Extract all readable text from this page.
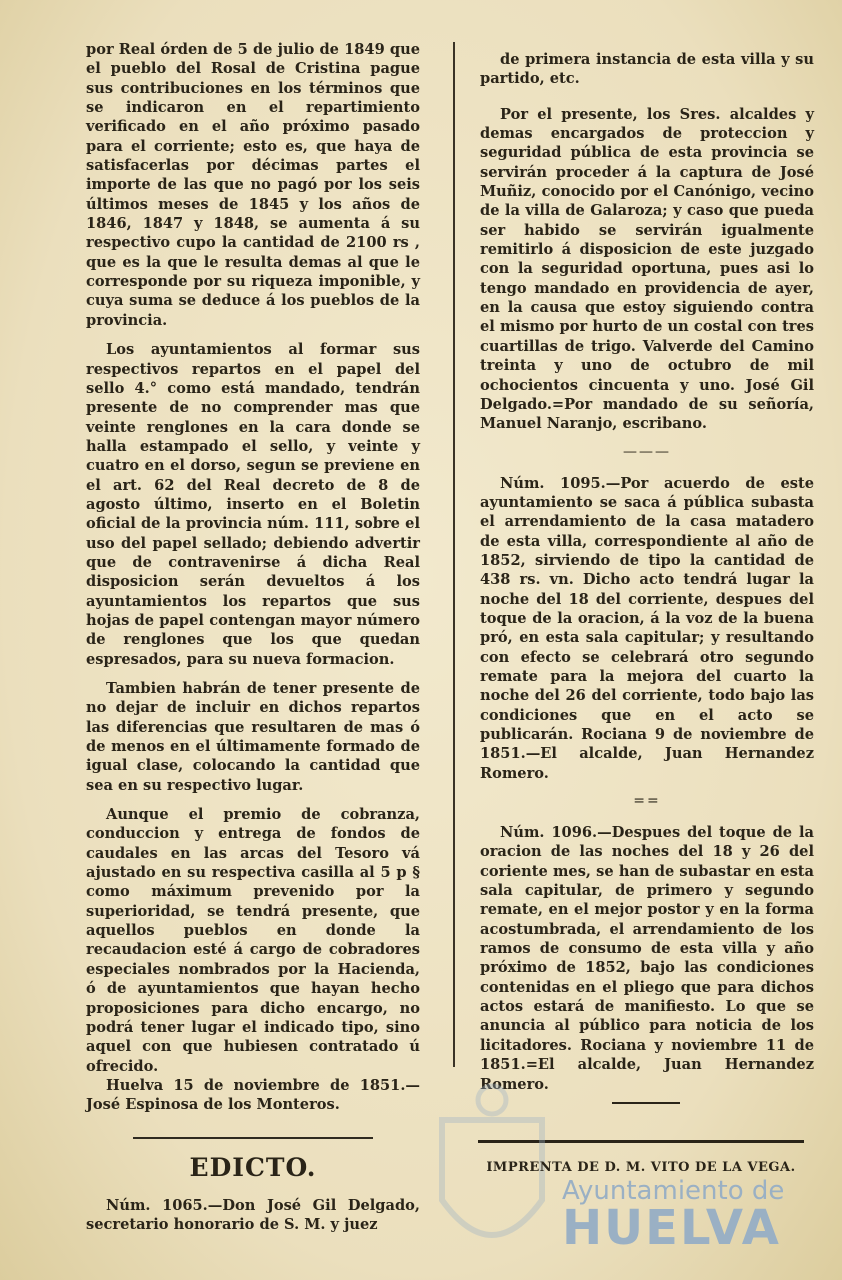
por Real órden de 5 de julio de 1849 que el pueblo del Rosal de Cristina pague sus contribuciones en los términos que se indicaron en el repartimiento verificado en el año próximo pasado para el corriente; esto es, que haya de satisfacerlas por décimas partes el importe de las que no pagó por los seis últimos meses de 1845 y los años de 1846, 1847 y 1848, se aumenta á su respectivo cupo la cantidad de 2100 rs , que es la que le resulta demas al que le corresponde por su riqueza imponible, y cuya suma se deduce á los pueblos de la provincia.

Los ayuntamientos al formar sus respectivos repartos en el papel del sello 4.° como está mandado, tendrán presente de no comprender mas que veinte renglones en la cara donde se halla estampado el sello, y veinte y cuatro en el dorso, segun se previene en el art. 62 del Real decreto de 8 de agosto último, inserto en el Boletin oficial de la provincia núm. 111, sobre el uso del papel sellado; debiendo advertir que de contravenirse á dicha Real disposicion serán devueltos á los ayuntamientos los repartos que sus hojas de papel contengan mayor número de renglones que los que quedan espresados, para su nueva formacion.

Tambien habrán de tener presente de no dejar de incluir en dichos repartos las diferencias que resultaren de mas ó de menos en el últimamente formado de igual clase, colocando la cantidad que sea en su respectivo lugar.

Aunque el premio de cobranza, conduccion y entrega de fondos de caudales en las arcas del Tesoro vá ajustado en su respectiva casilla al 5 p § como máximum prevenido por la superioridad, se tendrá presente, que aquellos pueblos en donde la recaudacion esté á cargo de cobradores especiales nombrados por la Hacienda, ó de ayuntamientos que hayan hecho proposiciones para dicho encargo, no podrá tener lugar el indicado tipo, sino aquel con que hubiesen contratado ú ofrecido.

Huelva 15 de noviembre de 1851.— José Espinosa de los Monteros.

EDICTO.

Núm. 1065.—Don José Gil Delgado, secretario honorario de S. M. y juez

de primera instancia de esta villa y su partido, etc.

Por el presente, los Sres. alcaldes y demas encargados de proteccion y seguridad pública de esta provincia se servirán proceder á la captura de José Muñiz, conocido por el Canónigo, vecino de la villa de Galaroza; y caso que pueda ser habido se servirán igualmente remitirlo á disposicion de este juzgado con la seguridad oportuna, pues asi lo tengo mandado en providencia de ayer, en la causa que estoy siguiendo contra el mismo por hurto de un costal con tres cuartillas de trigo. Valverde del Camino treinta y uno de octubro de mil ochocientos cincuenta y uno. José Gil Delgado.=Por mandado de su señoría, Manuel Naranjo, escribano.

———

Núm. 1095.—Por acuerdo de este ayuntamiento se saca á pública subasta el arrendamiento de la casa matadero de esta villa, correspondiente al año de 1852, sirviendo de tipo la cantidad de 438 rs. vn. Dicho acto tendrá lugar la noche del 18 del corriente, despues del toque de la oracion, á la voz de la buena pró, en esta sala capitular; y resultando con efecto se celebrará otro segundo remate para la mejora del cuarto la noche del 26 del corriente, todo bajo las condiciones que en el acto se publicarán. Rociana 9 de noviembre de 1851.—El alcalde, Juan Hernandez Romero.

==

Núm. 1096.—Despues del toque de la oracion de las noches del 18 y 26 del coriente mes, se han de subastar en esta sala capitular, de primero y segundo remate, en el mejor postor y en la forma acostumbrada, el arrendamiento de los ramos de consumo de esta villa y año próximo de 1852, bajo las condiciones contenidas en el pliego que para dichos actos estará de manifiesto. Lo que se anuncia al público para noticia de los licitadores. Rociana y noviembre 11 de 1851.=El alcalde, Juan Hernandez Romero.

Ayuntamiento de
HUELVA
IMPRENTA DE D. M. VITO DE LA VEGA.
